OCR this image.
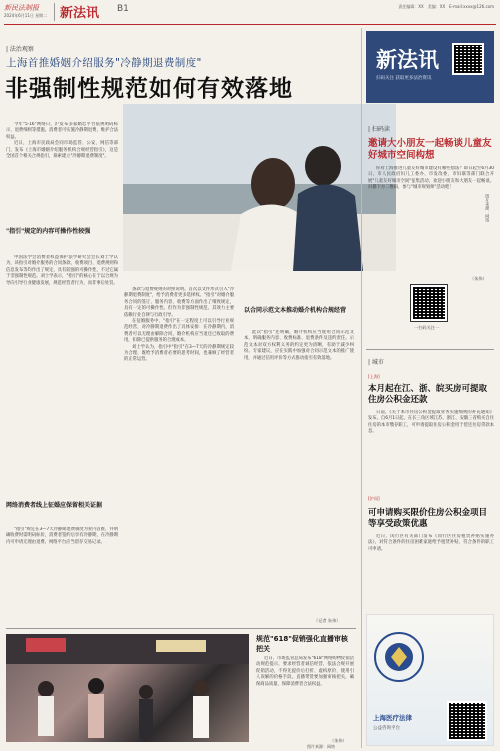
新民法制报
2024年6月11日 星期二 新法讯 B1	责任编辑：XX　美编：XX　E-mail:xxxx@126.com
| 法治观察
上海首推婚姻介绍服务"冷静期退费制度"
非强制性规范如何有效落地
图片来源：网络

今年"5·16"网络日，沪发布多家婚恋平台依规明码标示、退费细则等措施。消费者可实施冷静期退费，维护合法权益。

近日，上海市民政局会同市场监管、公安、网信等部门，发布《上海市婚姻介绍服务机构合规经营指引》，这是全国首个相关合规指引，探索建立"冷静期退费制度"。

"指引"规定的内容可操作性较强

中国法学会消费者权益保护法学研究会会长刘士学认为，该指引对婚介服务的合同条款、收费项目、退费规则和信息发布等均作出了规定，具有较强的可操作性，不过它属于非强制性规范。刘士学表示，"指引"的核心在于以合规为导向引导行业健康发展，规范经营者行为，而非事后处罚。

网络消费者线上征婚应保留相关证据

"指引"规定在3—7天冷静期退费制度为业内首推，并明确收费时需明码标价，消费者签约后享有冷静期，在冷静期内可申请无理由退费。网络平台应当留存交易记录。

条款与退费规则的对照说明。首次以文件形式引入"冷静期退费制度"，给予消费者更多选择权。"指引"对婚介服务合同的签订、服务内容、收费等方面作出了细致规定，具有一定的可操作性。但作为非强制性规范，其效力主要依赖行业自律与行政引导。

在征婚服务中，"指引"在一定程度上可以引导行业规范经营，对冷静期退费作出了具体安排：在冷静期内，消费者可以无理由解除合同，婚介机构应当退还已收取的费用，扣除已提供服务的合理成本。

刘士学认为，指引中"指引"在3—7天的冷静期规定较为合理，既给予消费者必要的思考时间，也兼顾了经营者的正常运营。

以合同示范文本推动婚介机构合规经营

此次"指引"还明确，婚介机构应当使用合同示范文本，明确服务内容、收费标准、退费条件及违约责任。示范文本对双方权利义务的约定更为清晰，有助于减少纠纷。专家建议，应在实践中加强对合同示范文本的推广使用，并通过信用评价等方式推动指引有效落地。

（记者 朱伟）
规范"618"促销强化直播审核把关

近日，市场监管总局发布"618"网络购物促销活动规范提示，要求经营者诚信经营，依法合规开展促销活动，不得先提价后打折、虚构原价、使用引人误解的价格手段。直播带货要加强审核把关，确保商品质量，保障消费者合法权益。

（朱伟）
图片来源：网络
新法讯
扫码关注 获取更多法治资讯
| 扫码读
邀请大小朋友一起畅谈儿童友好城市空间构想

你对上海推进儿童友好城市建设有哪些想法？即日起至6月30日，市人民政府妇儿工委办、市发改委、市妇联等部门联合开展"儿童友好城市空间"征集活动，欢迎小朋友和大朋友一起畅谈。扫描下方二维码，参与"城市规划师"活动吧！

（朱伟）
一扫码关注一
| 城市
[上海]
本月起在江、浙、皖买房可提取住房公积金还款

日前，《关于本市住房公积金提取业务实施细则的补充通知》发布。自6月1日起，在长三角区域江苏、浙江、安徽三省购买自住住房的本市缴存职工，可申请提取住房公积金用于偿还住房贷款本息。

[沪闵]
可申请购买限价住房公积金项目等享受政策优惠

近日，闵行区有关部门发布《闵行区住房租赁补贴实施办法》，对符合条件的住房困难家庭给予租赁补贴，符合条件的职工可申请。

上海医疗法律
公益咨询平台
